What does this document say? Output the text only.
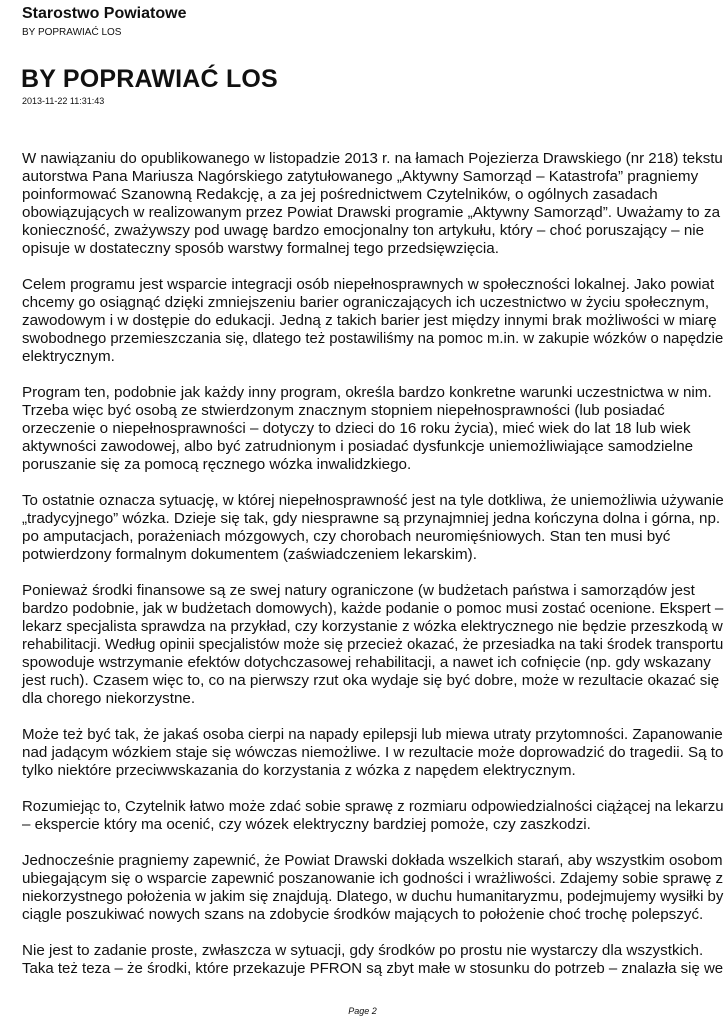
Starostwo Powiatowe

BY POPRAWIAĆ LOS

BY POPRAWIAĆ LOS

2013-11-22 11:31:43

W nawiązaniu do opublikowanego w listopadzie 2013 r. na łamach Pojezierza Drawskiego (nr 218) tekstu
autorstwa Pana Mariusza Nagórskiego zatytułowanego „Aktywny Samorząd – Katastrofa” pragniemy
poinformować Szanowną Redakcję, a za jej pośrednictwem Czytelników, o ogólnych zasadach
obowiązujących w realizowanym przez Powiat Drawski programie „Aktywny Samorząd”. Uważamy to za
konieczność, zważywszy pod uwagę bardzo emocjonalny ton artykułu, który – choć poruszający – nie
opisuje w dostateczny sposób warstwy formalnej tego przedsięwzięcia.

Celem programu jest wsparcie integracji osób niepełnosprawnych w społeczności lokalnej. Jako powiat
chcemy go osiągnąć dzięki zmniejszeniu barier ograniczających ich uczestnictwo w życiu społecznym,
zawodowym i w dostępie do edukacji. Jedną z takich barier jest między innymi brak możliwości w miarę
swobodnego przemieszczania się, dlatego też postawiliśmy na pomoc m.in. w zakupie wózków o napędzie
elektrycznym.

Program ten, podobnie jak każdy inny program, określa bardzo konkretne warunki uczestnictwa w nim.
Trzeba więc być osobą ze stwierdzonym znacznym stopniem niepełnosprawności (lub posiadać
orzeczenie o niepełnosprawności – dotyczy to dzieci do 16 roku życia), mieć wiek do lat 18 lub wiek
aktywności zawodowej, albo być zatrudnionym i posiadać dysfunkcje uniemożliwiające samodzielne
poruszanie się za pomocą ręcznego wózka inwalidzkiego.

To ostatnie oznacza sytuację, w której niepełnosprawność jest na tyle dotkliwa, że uniemożliwia używanie
„tradycyjnego” wózka. Dzieje się tak, gdy niesprawne są przynajmniej jedna kończyna dolna i górna, np.
po amputacjach, porażeniach mózgowych, czy chorobach neuromięśniowych. Stan ten musi być
potwierdzony formalnym dokumentem (zaświadczeniem lekarskim).

Ponieważ środki finansowe są ze swej natury ograniczone (w budżetach państwa i samorządów jest
bardzo podobnie, jak w budżetach domowych), każde podanie o pomoc musi zostać ocenione. Ekspert –
lekarz specjalista sprawdza na przykład, czy korzystanie z wózka elektrycznego nie będzie przeszkodą w
rehabilitacji. Według opinii specjalistów może się przecież okazać, że przesiadka na taki środek transportu
spowoduje wstrzymanie efektów dotychczasowej rehabilitacji, a nawet ich cofnięcie (np. gdy wskazany
jest ruch). Czasem więc to, co na pierwszy rzut oka wydaje się być dobre, może w rezultacie okazać się
dla chorego niekorzystne.

Może też być tak, że jakaś osoba cierpi na napady epilepsji lub miewa utraty przytomności. Zapanowanie
nad jadącym wózkiem staje się wówczas niemożliwe. I w rezultacie może doprowadzić do tragedii. Są to
tylko niektóre przeciwwskazania do korzystania z wózka z napędem elektrycznym.

Rozumiejąc to, Czytelnik łatwo może zdać sobie sprawę z rozmiaru odpowiedzialności ciążącej na lekarzu
– ekspercie który ma ocenić, czy wózek elektryczny bardziej pomoże, czy zaszkodzi.

Jednocześnie pragniemy zapewnić, że Powiat Drawski dokłada wszelkich starań, aby wszystkim osobom
ubiegającym się o wsparcie zapewnić poszanowanie ich godności i wrażliwości. Zdajemy sobie sprawę z
niekorzystnego położenia w jakim się znajdują. Dlatego, w duchu humanitaryzmu, podejmujemy wysiłki by
ciągle poszukiwać nowych szans na zdobycie środków mających to położenie choć trochę polepszyć.

Nie jest to zadanie proste, zwłaszcza w sytuacji, gdy środków po prostu nie wystarczy dla wszystkich.
Taka też teza – że środki, które przekazuje PFRON są zbyt małe w stosunku do potrzeb – znalazła się we

Page 2
